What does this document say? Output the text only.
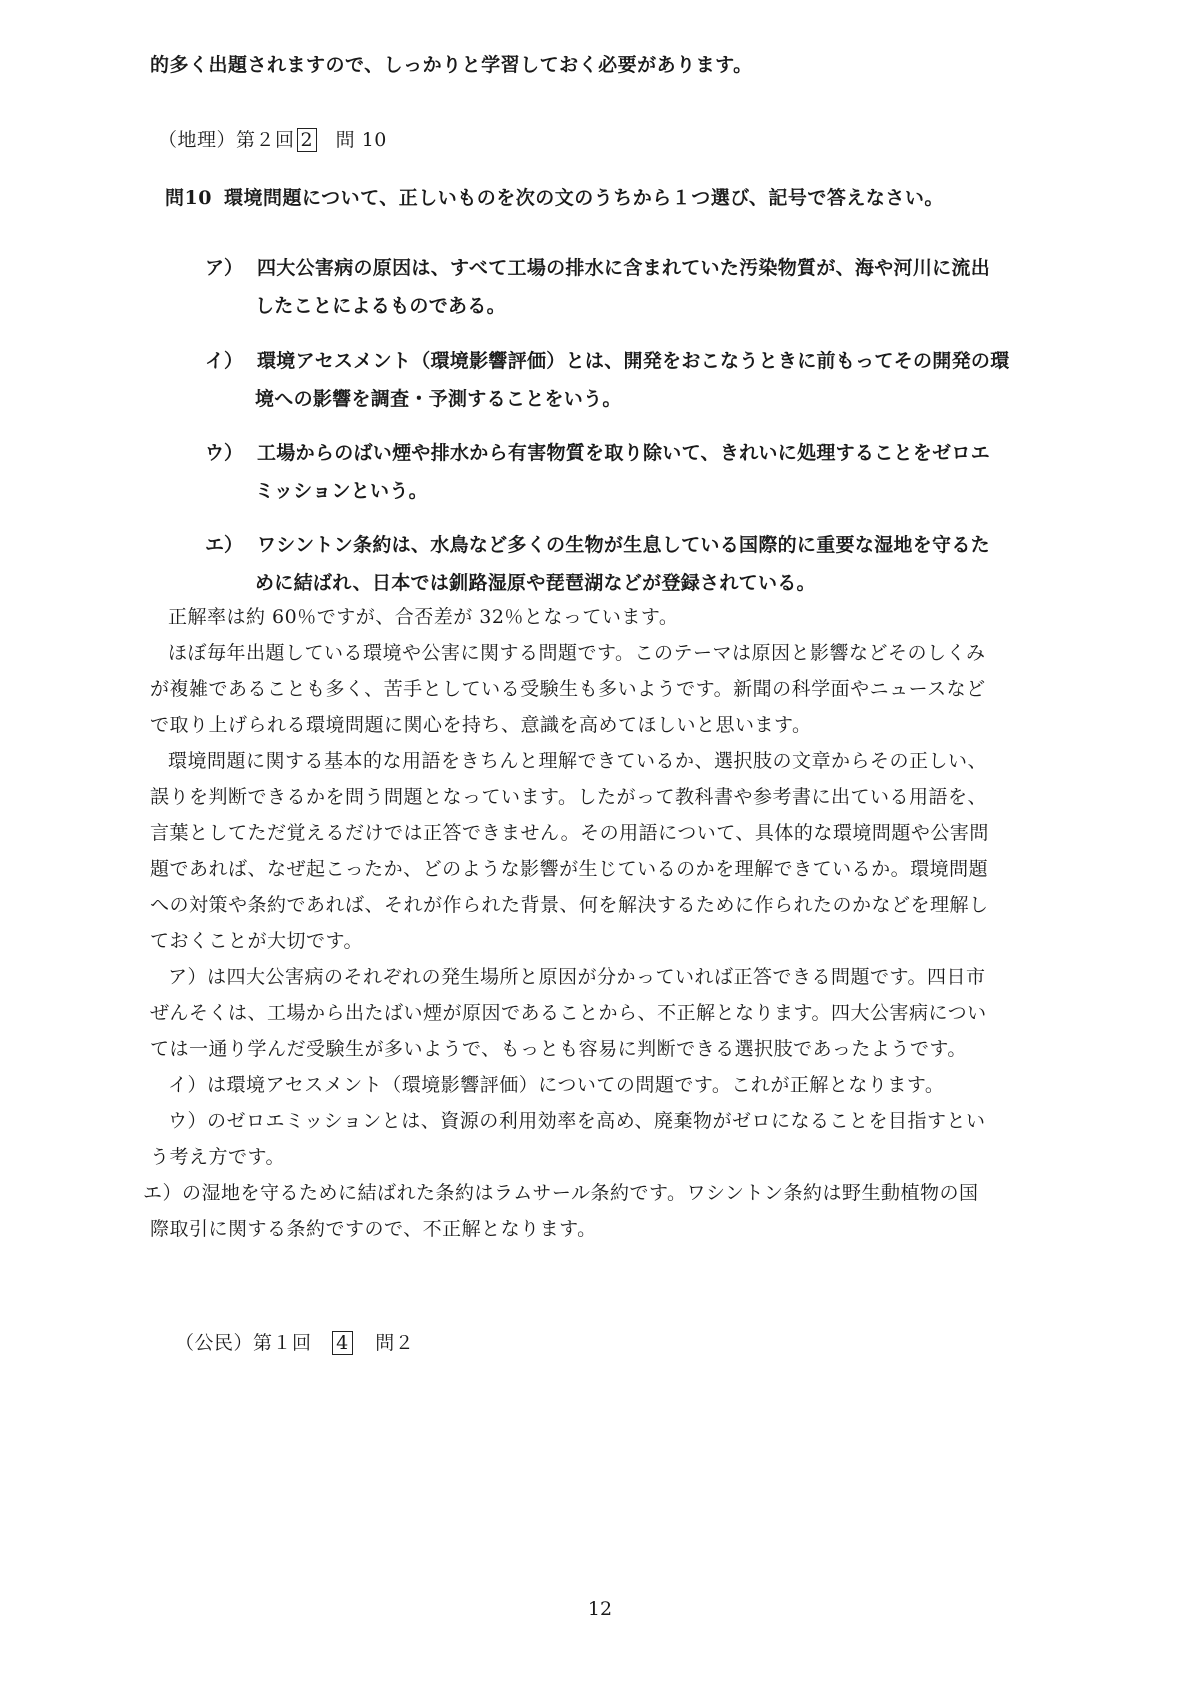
的多く出題されますので、しっかりと学習しておく必要があります。
（地理）第２回 2 問 10
問10 環境問題について、正しいものを次の文のうちから１つ選び、記号で答えなさい。
ア） 四大公害病の原因は、すべて工場の排水に含まれていた汚染物質が、海や河川に流出
したことによるものである。
イ） 環境アセスメント（環境影響評価）とは、開発をおこなうときに前もってその開発の環
境への影響を調査・予測することをいう。
ウ） 工場からのばい煙や排水から有害物質を取り除いて、きれいに処理することをゼロエ
ミッションという。
エ） ワシントン条約は、水鳥など多くの生物が生息している国際的に重要な湿地を守るた
めに結ばれ、日本では釧路湿原や琵琶湖などが登録されている。
正解率は約 60％ですが、合否差が 32％となっています。
ほぼ毎年出題している環境や公害に関する問題です。このテーマは原因と影響などそのしくみ
が複雑であることも多く、苦手としている受験生も多いようです。新聞の科学面やニュースなど
で取り上げられる環境問題に関心を持ち、意識を高めてほしいと思います。
環境問題に関する基本的な用語をきちんと理解できているか、選択肢の文章からその正しい、
誤りを判断できるかを問う問題となっています。したがって教科書や参考書に出ている用語を、
言葉としてただ覚えるだけでは正答できません。その用語について、具体的な環境問題や公害問
題であれば、なぜ起こったか、どのような影響が生じているのかを理解できているか。環境問題
への対策や条約であれば、それが作られた背景、何を解決するために作られたのかなどを理解し
ておくことが大切です。
ア）は四大公害病のそれぞれの発生場所と原因が分かっていれば正答できる問題です。四日市
ぜんそくは、工場から出たばい煙が原因であることから、不正解となります。四大公害病につい
ては一通り学んだ受験生が多いようで、もっとも容易に判断できる選択肢であったようです。
イ）は環境アセスメント（環境影響評価）についての問題です。これが正解となります。
ウ）のゼロエミッションとは、資源の利用効率を高め、廃棄物がゼロになることを目指すとい
う考え方です。
エ）の湿地を守るために結ばれた条約はラムサール条約です。ワシントン条約は野生動植物の国
際取引に関する条約ですので、不正解となります。
（公民）第１回 4 問２
12
